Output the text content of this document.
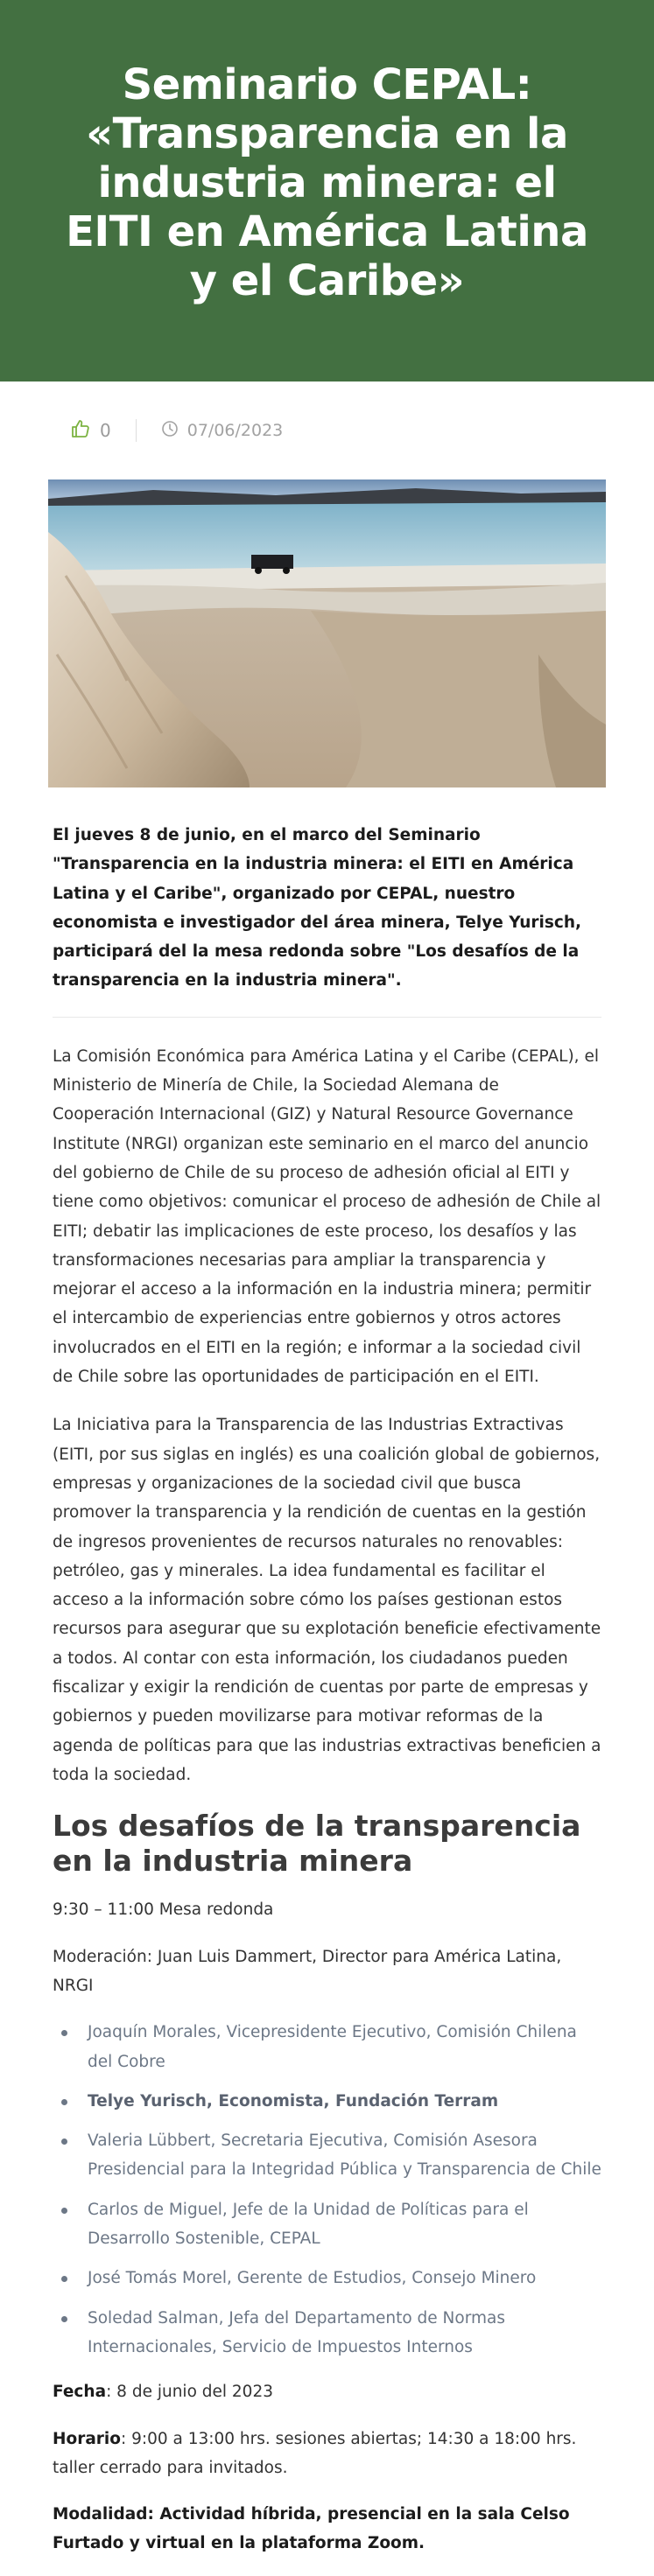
Seminario CEPAL: «Transparencia en la industria minera: el EITI en América Latina y el Caribe»
0	07/06/2023

El jueves 8 de junio, en el marco del Seminario "Transparencia en la industria minera: el EITI en América Latina y el Caribe", organizado por CEPAL, nuestro economista e investigador del área minera, Telye Yurisch, participará del la mesa redonda sobre "Los desafíos de la transparencia en la industria minera".

La Comisión Económica para América Latina y el Caribe (CEPAL), el Ministerio de Minería de Chile, la Sociedad Alemana de Cooperación Internacional (GIZ) y Natural Resource Governance Institute (NRGI) organizan este seminario en el marco del anuncio del gobierno de Chile de su proceso de adhesión oficial al EITI y tiene como objetivos: comunicar el proceso de adhesión de Chile al EITI; debatir las implicaciones de este proceso, los desafíos y las transformaciones necesarias para ampliar la transparencia y mejorar el acceso a la información en la industria minera; permitir el intercambio de experiencias entre gobiernos y otros actores involucrados en el EITI en la región; e informar a la sociedad civil de Chile sobre las oportunidades de participación en el EITI.

La Iniciativa para la Transparencia de las Industrias Extractivas (EITI, por sus siglas en inglés) es una coalición global de gobiernos, empresas y organizaciones de la sociedad civil que busca promover la transparencia y la rendición de cuentas en la gestión de ingresos provenientes de recursos naturales no renovables: petróleo, gas y minerales. La idea fundamental es facilitar el acceso a la información sobre cómo los países gestionan estos recursos para asegurar que su explotación beneficie efectivamente a todos. Al contar con esta información, los ciudadanos pueden fiscalizar y exigir la rendición de cuentas por parte de empresas y gobiernos y pueden movilizarse para motivar reformas de la agenda de políticas para que las industrias extractivas beneficien a toda la sociedad.

Los desafíos de la transparencia en la industria minera

9:30 – 11:00 Mesa redonda

Moderación: Juan Luis Dammert, Director para América Latina, NRGI

Joaquín Morales, Vicepresidente Ejecutivo, Comisión Chilena del Cobre
Telye Yurisch, Economista, Fundación Terram
Valeria Lübbert, Secretaria Ejecutiva, Comisión Asesora Presidencial para la Integridad Pública y Transparencia de Chile
Carlos de Miguel, Jefe de la Unidad de Políticas para el Desarrollo Sostenible, CEPAL
José Tomás Morel, Gerente de Estudios, Consejo Minero
Soledad Salman, Jefa del Departamento de Normas Internacionales, Servicio de Impuestos Internos

Fecha: 8 de junio del 2023

Horario: 9:00 a 13:00 hrs. sesiones abiertas; 14:30 a 18:00 hrs. taller cerrado para invitados.

Modalidad: Actividad híbrida, presencial en la sala Celso Furtado y virtual en la plataforma Zoom.
